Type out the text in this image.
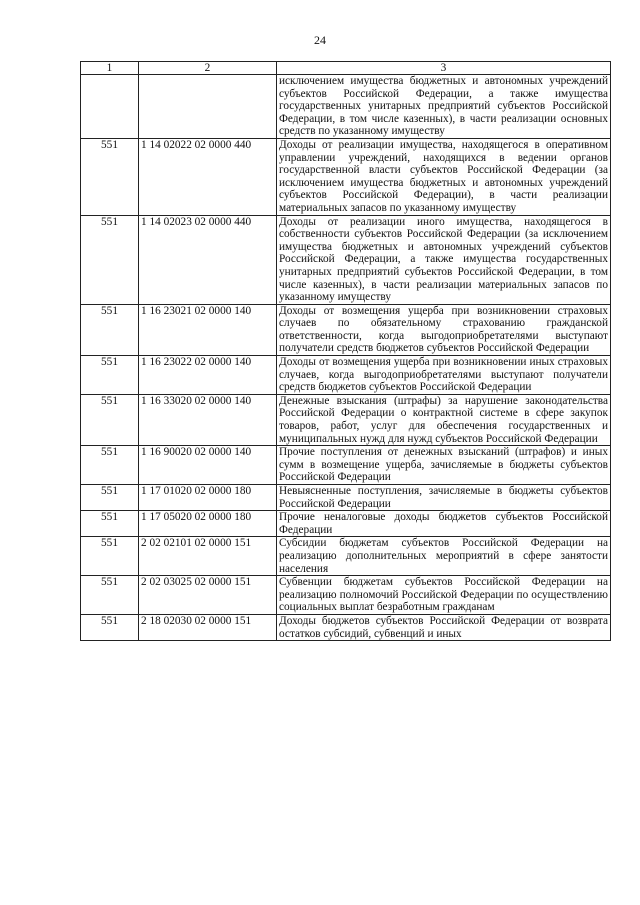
24
1	2	3
		исключением имущества бюджетных и автономных учреждений субъектов Российской Федерации, а также имущества государственных унитарных предприятий субъектов Российской Федерации, в том числе казенных), в части реализации основных средств по указанному имуществу
551	1 14 02022 02 0000 440	Доходы от реализации имущества, находящегося в оперативном управлении учреждений, находящихся в ведении органов государственной власти субъектов Российской Федерации (за исключением имущества бюджетных и автономных учреждений субъектов Российской Федерации), в части реализации материальных запасов по указанному имуществу
551	1 14 02023 02 0000 440	Доходы от реализации иного имущества, находящегося в собственности субъектов Российской Федерации (за исключением имущества бюджетных и автономных учреждений субъектов Российской Федерации, а также имущества государственных унитарных предприятий субъектов Российской Федерации, в том числе казенных), в части реализации материальных запасов по указанному имуществу
551	1 16 23021 02 0000 140	Доходы от возмещения ущерба при возникновении страховых случаев по обязательному страхованию гражданской ответственности, когда выгодоприобретателями выступают получатели средств бюджетов субъектов Российской Федерации
551	1 16 23022 02 0000 140	Доходы от возмещения ущерба при возникновении иных страховых случаев, когда выгодоприобретателями выступают получатели средств бюджетов субъектов Российской Федерации
551	1 16 33020 02 0000 140	Денежные взыскания (штрафы) за нарушение законодательства Российской Федерации о контрактной системе в сфере закупок товаров, работ, услуг для обеспечения государственных и муниципальных нужд для нужд субъектов Российской Федерации
551	1 16 90020 02 0000 140	Прочие поступления от денежных взысканий (штрафов) и иных сумм в возмещение ущерба, зачисляемые в бюджеты субъектов Российской Федерации
551	1 17 01020 02 0000 180	Невыясненные поступления, зачисляемые в бюджеты субъектов Российской Федерации
551	1 17 05020 02 0000 180	Прочие неналоговые доходы бюджетов субъектов Российской Федерации
551	2 02 02101 02 0000 151	Субсидии бюджетам субъектов Российской Федерации на реализацию дополнительных мероприятий в сфере занятости населения
551	2 02 03025 02 0000 151	Субвенции бюджетам субъектов Российской Федерации на реализацию полномочий Российской Федерации по осуществлению социальных выплат безработным гражданам
551	2 18 02030 02 0000 151	Доходы бюджетов субъектов Российской Федерации от возврата остатков субсидий, субвенций и иных
